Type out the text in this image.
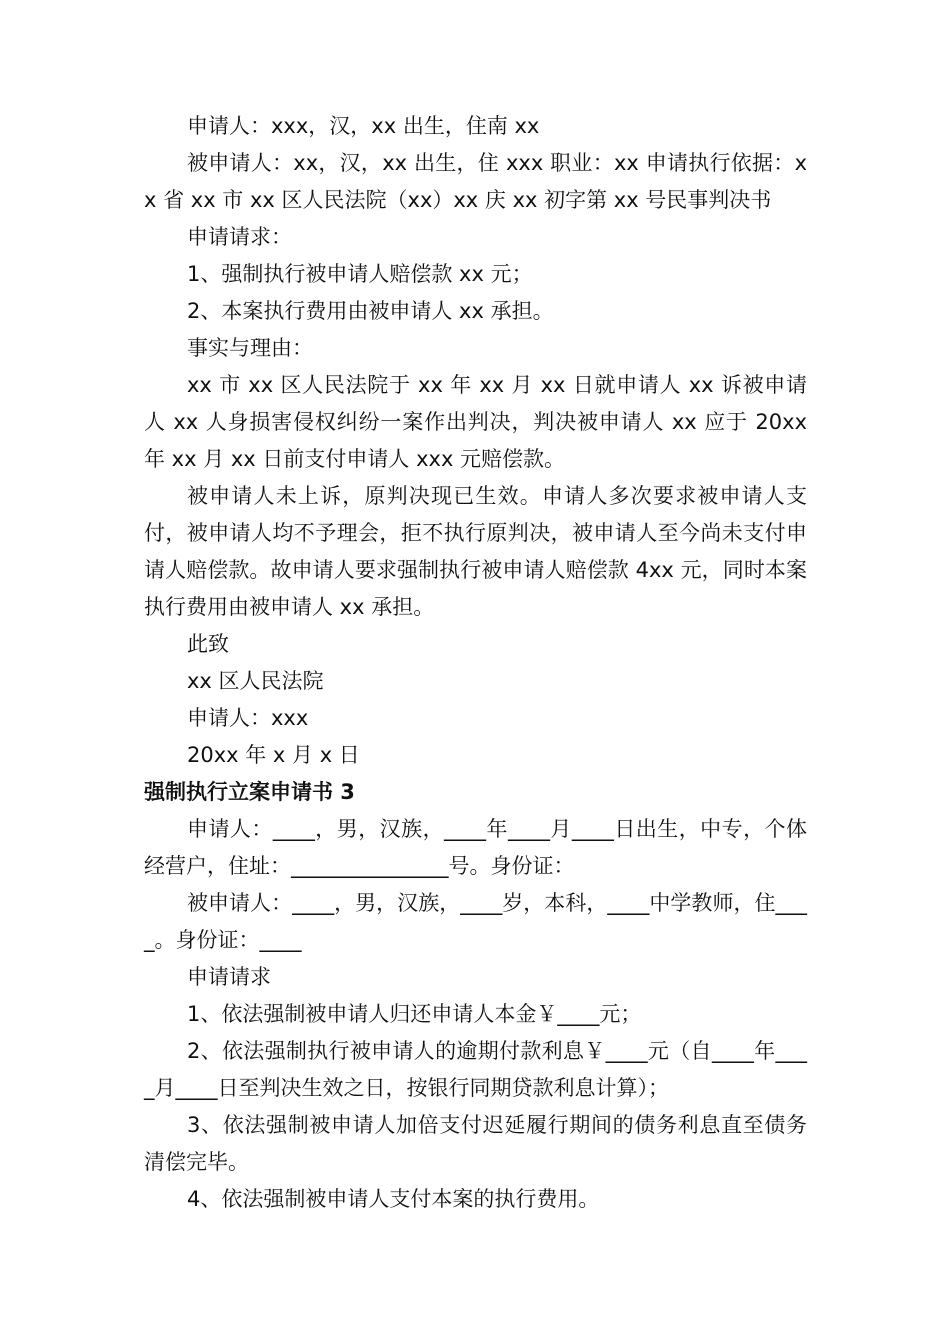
申请人：xxx，汉，xx 出生，住南 xx

被申请人：xx，汉，xx 出生，住 xxx 职业：xx 申请执行依据：xx 省 xx 市 xx 区人民法院（xx）xx 庆 xx 初字第 xx 号民事判决书

申请请求：

1、强制执行被申请人赔偿款 xx 元；

2、本案执行费用由被申请人 xx 承担。

事实与理由：

xx 市 xx 区人民法院于 xx 年 xx 月 xx 日就申请人 xx 诉被申请人 xx 人身损害侵权纠纷一案作出判决，判决被申请人 xx 应于 20xx 年 xx 月 xx 日前支付申请人 xxx 元赔偿款。

被申请人未上诉，原判决现已生效。申请人多次要求被申请人支付，被申请人均不予理会，拒不执行原判决，被申请人至今尚未支付申请人赔偿款。故申请人要求强制执行被申请人赔偿款 4xx 元，同时本案执行费用由被申请人 xx 承担。

此致

xx 区人民法院

申请人：xxx

20xx 年 x 月 x 日

强制执行立案申请书 3

申请人：____，男，汉族，____年____月____日出生，中专，个体经营户，住址：_______________号。身份证：

被申请人：____，男，汉族，____岁，本科，____中学教师，住____。身份证：____

申请请求

1、依法强制被申请人归还申请人本金￥____元；

2、依法强制执行被申请人的逾期付款利息￥____元（自____年____月____日至判决生效之日，按银行同期贷款利息计算）；

3、依法强制被申请人加倍支付迟延履行期间的债务利息直至债务清偿完毕。

4、依法强制被申请人支付本案的执行费用。
